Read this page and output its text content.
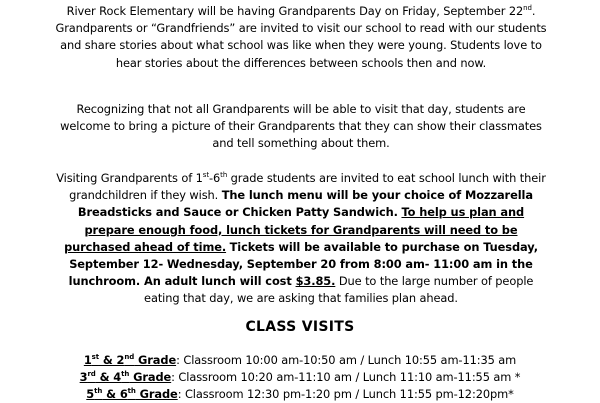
River Rock Elementary will be having Grandparents Day on Friday, September 22nd. Grandparents or “Grandfriends” are invited to visit our school to read with our students and share stories about what school was like when they were young. Students love to hear stories about the differences between schools then and now.

Recognizing that not all Grandparents will be able to visit that day, students are welcome to bring a picture of their Grandparents that they can show their classmates and tell something about them.

Visiting Grandparents of 1st-6th grade students are invited to eat school lunch with their grandchildren if they wish. The lunch menu will be your choice of Mozzarella Breadsticks and Sauce or Chicken Patty Sandwich. To help us plan and prepare enough food, lunch tickets for Grandparents will need to be purchased ahead of time. Tickets will be available to purchase on Tuesday, September 12- Wednesday, September 20 from 8:00 am- 11:00 am in the lunchroom. An adult lunch will cost $3.85. Due to the large number of people eating that day, we are asking that families plan ahead.

CLASS VISITS
1st & 2nd Grade: Classroom 10:00 am-10:50 am / Lunch 10:55 am-11:35 am
3rd & 4th Grade: Classroom 10:20 am-11:10 am / Lunch 11:10 am-11:55 am *
5th & 6th Grade: Classroom 12:30 pm-1:20 pm / Lunch 11:55 pm-12:20pm*
